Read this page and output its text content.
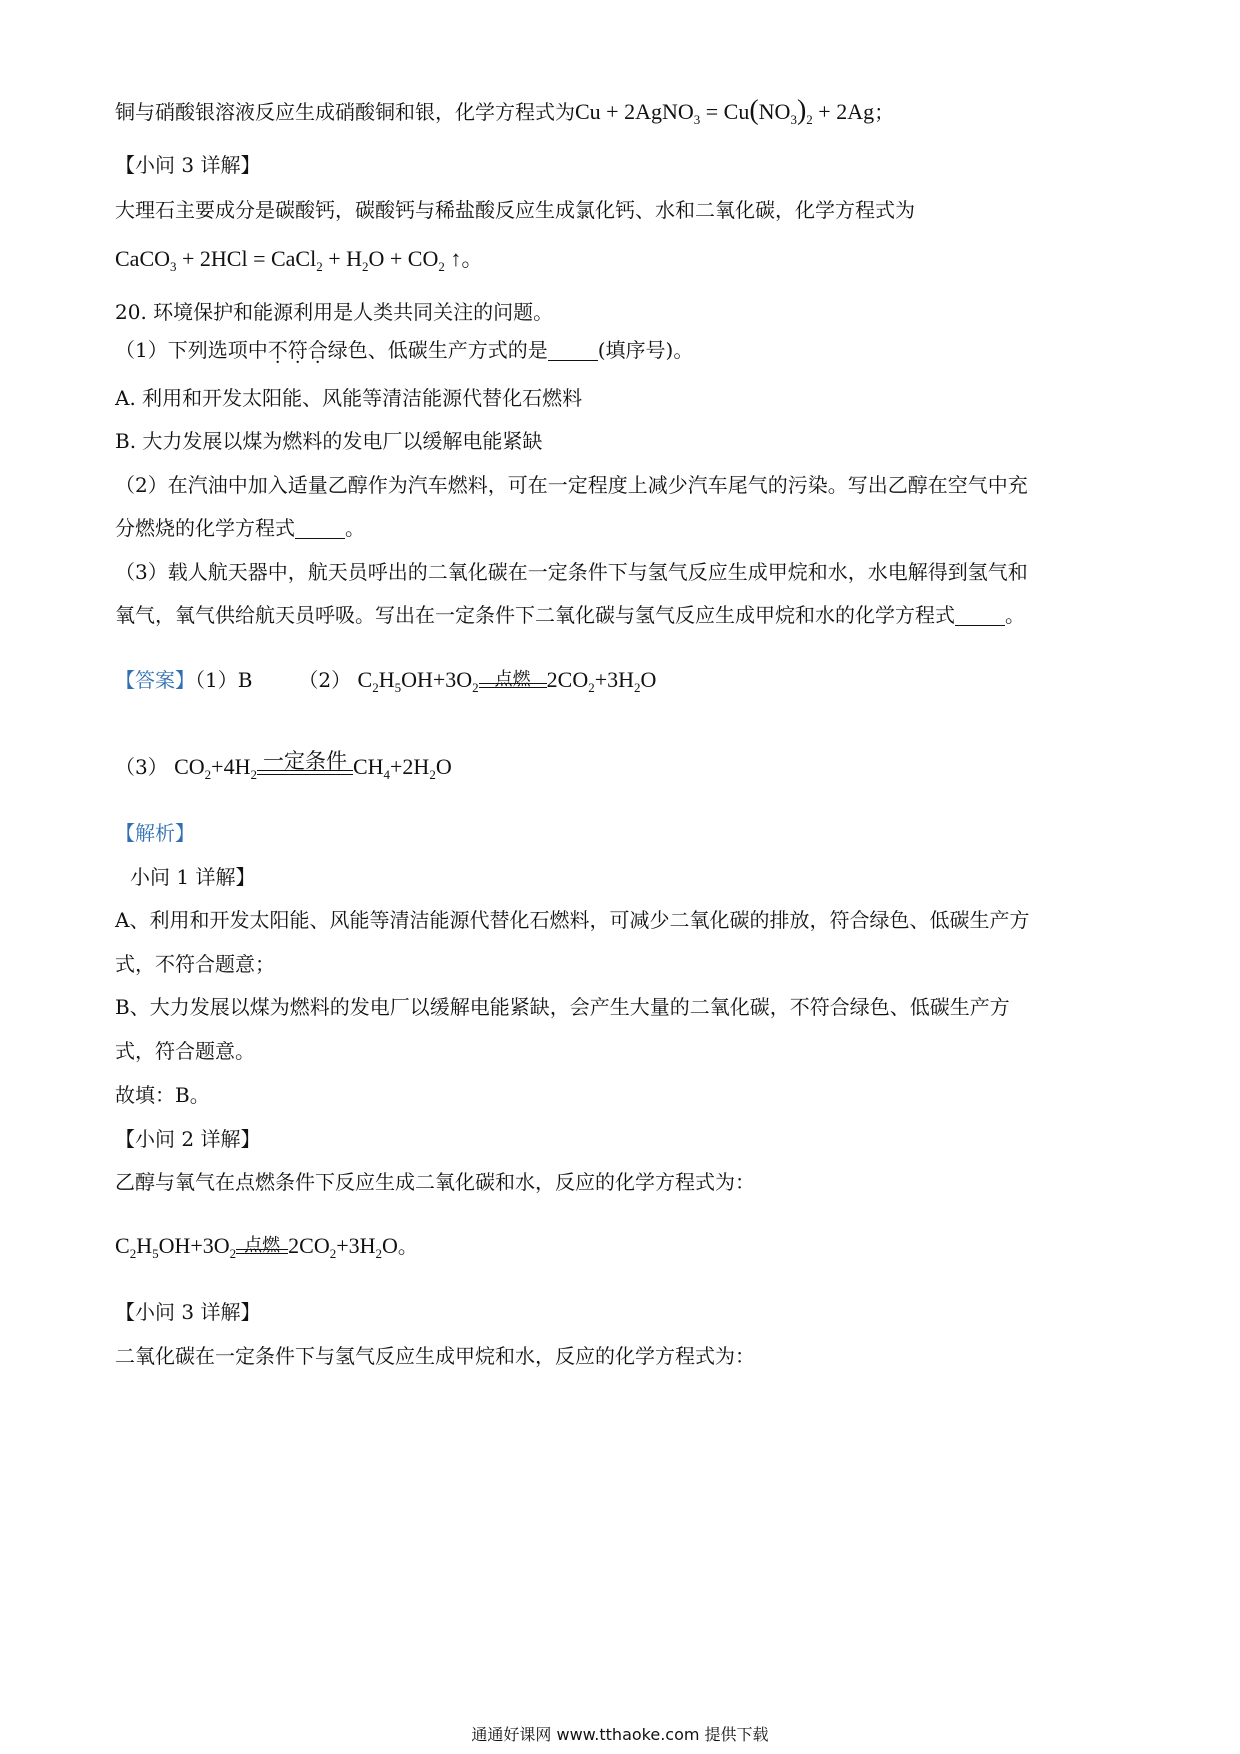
铜与硝酸银溶液反应生成硝酸铜和银，化学方程式为Cu + 2AgNO$_3$ = $Cu(NO_3)_2 + 2Ag$；
【小问 3 详解】
大理石主要成分是碳酸钙，碳酸钙与稀盐酸反应生成氯化钙、水和二氧化碳，化学方程式为
CaCO$_3$ + 2HCl = CaCl$_2$ + $H_2O + CO_2$ ↑。
20. 环境保护和能源利用是人类共同关注的问题。
（1）下列选项中不符合绿色、低碳生产方式的是	(填序号)。
A. 利用和开发太阳能、风能等清洁能源代替化石燃料
B. 大力发展以煤为燃料的发电厂以缓解电能紧缺
（2）在汽油中加入适量乙醇作为汽车燃料，可在一定程度上减少汽车尾气的污染。写出乙醇在空气中充
分燃烧的化学方程式	。
（3）载人航天器中，航天员呼出的二氧化碳在一定条件下与氢气反应生成甲烷和水，水电解得到氢气和
氧气，氧气供给航天员呼吸。写出在一定条件下二氧化碳与氢气反应生成甲烷和水的化学方程式	。
【答案】（1）B （2） $C_2H_5OH+3O_2$ 点燃 $2CO_2+3H_2O$
（3） $CO_2+4H_2$
一定条件 $CH_4+2H_2O$
【解析】
小问 1 详解】
A、利用和开发太阳能、风能等清洁能源代替化石燃料，可减少二氧化碳的排放，符合绿色、低碳生产方
式，不符合题意；
B、大力发展以煤为燃料的发电厂以缓解电能紧缺，会产生大量的二氧化碳，不符合绿色、低碳生产方
式，符合题意。
故填：B。
【小问 2 详解】
乙醇与氧气在点燃条件下反应生成二氧化碳和水，反应的化学方程式为：
$C_2H_5OH+3O_2$ 点燃 $2CO_2+3H_2O$。
【小问 3 详解】
二氧化碳在一定条件下与氢气反应生成甲烷和水，反应的化学方程式为：
通通好课网 www.tthaoke.com 提供下载
